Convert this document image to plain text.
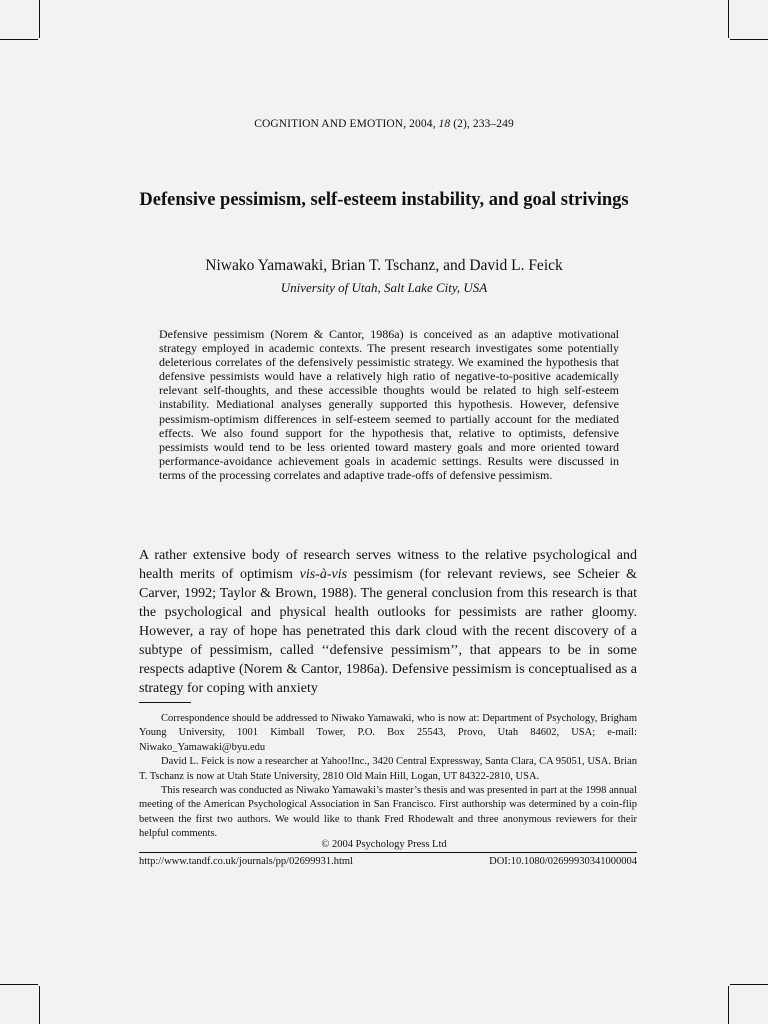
COGNITION AND EMOTION, 2004, 18 (2), 233–249
Defensive pessimism, self-esteem instability, and goal strivings
Niwako Yamawaki, Brian T. Tschanz, and David L. Feick
University of Utah, Salt Lake City, USA

Defensive pessimism (Norem & Cantor, 1986a) is conceived as an adaptive motivational strategy employed in academic contexts. The present research investigates some potentially deleterious correlates of the defensively pessimistic strategy. We examined the hypothesis that defensive pessimists would have a relatively high ratio of negative-to-positive academically relevant self-thoughts, and these accessible thoughts would be related to high self-esteem instability. Mediational analyses generally supported this hypothesis. However, defensive pessimism-optimism differences in self-esteem seemed to partially account for the mediated effects. We also found support for the hypothesis that, relative to optimists, defensive pessimists would tend to be less oriented toward mastery goals and more oriented toward performance-avoidance achievement goals in academic settings. Results were discussed in terms of the processing correlates and adaptive trade-offs of defensive pessimism.

A rather extensive body of research serves witness to the relative psychological and health merits of optimism vis-à-vis pessimism (for relevant reviews, see Scheier & Carver, 1992; Taylor & Brown, 1988). The general conclusion from this research is that the psychological and physical health outlooks for pessimists are rather gloomy. However, a ray of hope has penetrated this dark cloud with the recent discovery of a subtype of pessimism, called ‘‘defensive pessimism’’, that appears to be in some respects adaptive (Norem & Cantor, 1986a). Defensive pessimism is conceptualised as a strategy for coping with anxiety

Correspondence should be addressed to Niwako Yamawaki, who is now at: Department of Psychology, Brigham Young University, 1001 Kimball Tower, P.O. Box 25543, Provo, Utah 84602, USA; e-mail: Niwako_Yamawaki@byu.edu

David L. Feick is now a researcher at Yahoo!Inc., 3420 Central Expressway, Santa Clara, CA 95051, USA. Brian T. Tschanz is now at Utah State University, 2810 Old Main Hill, Logan, UT 84322-2810, USA.

This research was conducted as Niwako Yamawaki’s master’s thesis and was presented in part at the 1998 annual meeting of the American Psychological Association in San Francisco. First authorship was determined by a coin-flip between the first two authors. We would like to thank Fred Rhodewalt and three anonymous reviewers for their helpful comments.

© 2004 Psychology Press Ltd
http://www.tandf.co.uk/journals/pp/02699931.html	DOI:10.1080/02699930341000004
